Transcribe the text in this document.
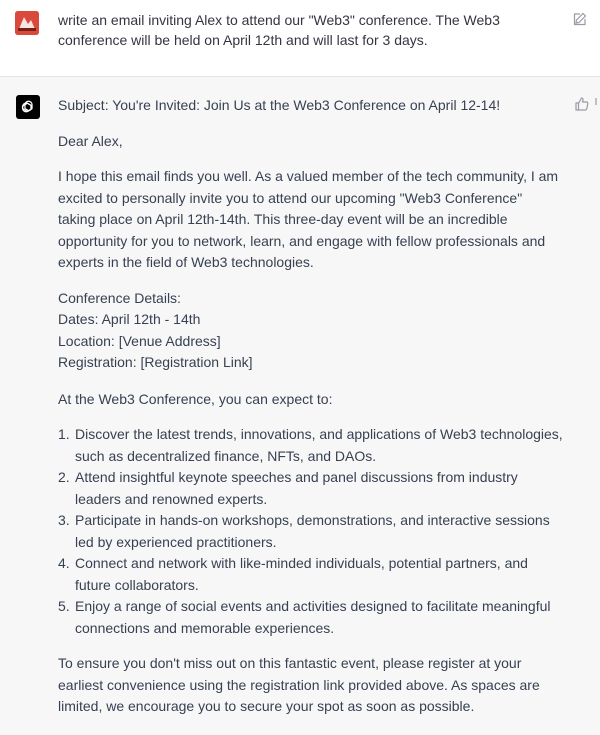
write an email inviting Alex to attend our "Web3" conference. The Web3 conference will be held on April 12th and will last for 3 days.

Subject: You're Invited: Join Us at the Web3 Conference on April 12-14!

Dear Alex,

I hope this email finds you well. As a valued member of the tech community, I am excited to personally invite you to attend our upcoming "Web3 Conference" taking place on April 12th-14th. This three-day event will be an incredible opportunity for you to network, learn, and engage with fellow professionals and experts in the field of Web3 technologies.

Conference Details:
Dates: April 12th - 14th
Location: [Venue Address]
Registration: [Registration Link]

At the Web3 Conference, you can expect to:

1. Discover the latest trends, innovations, and applications of Web3 technologies, such as decentralized finance, NFTs, and DAOs.
2. Attend insightful keynote speeches and panel discussions from industry leaders and renowned experts.
3. Participate in hands-on workshops, demonstrations, and interactive sessions led by experienced practitioners.
4. Connect and network with like-minded individuals, potential partners, and future collaborators.
5. Enjoy a range of social events and activities designed to facilitate meaningful connections and memorable experiences.

To ensure you don't miss out on this fantastic event, please register at your earliest convenience using the registration link provided above. As spaces are limited, we encourage you to secure your spot as soon as possible.
